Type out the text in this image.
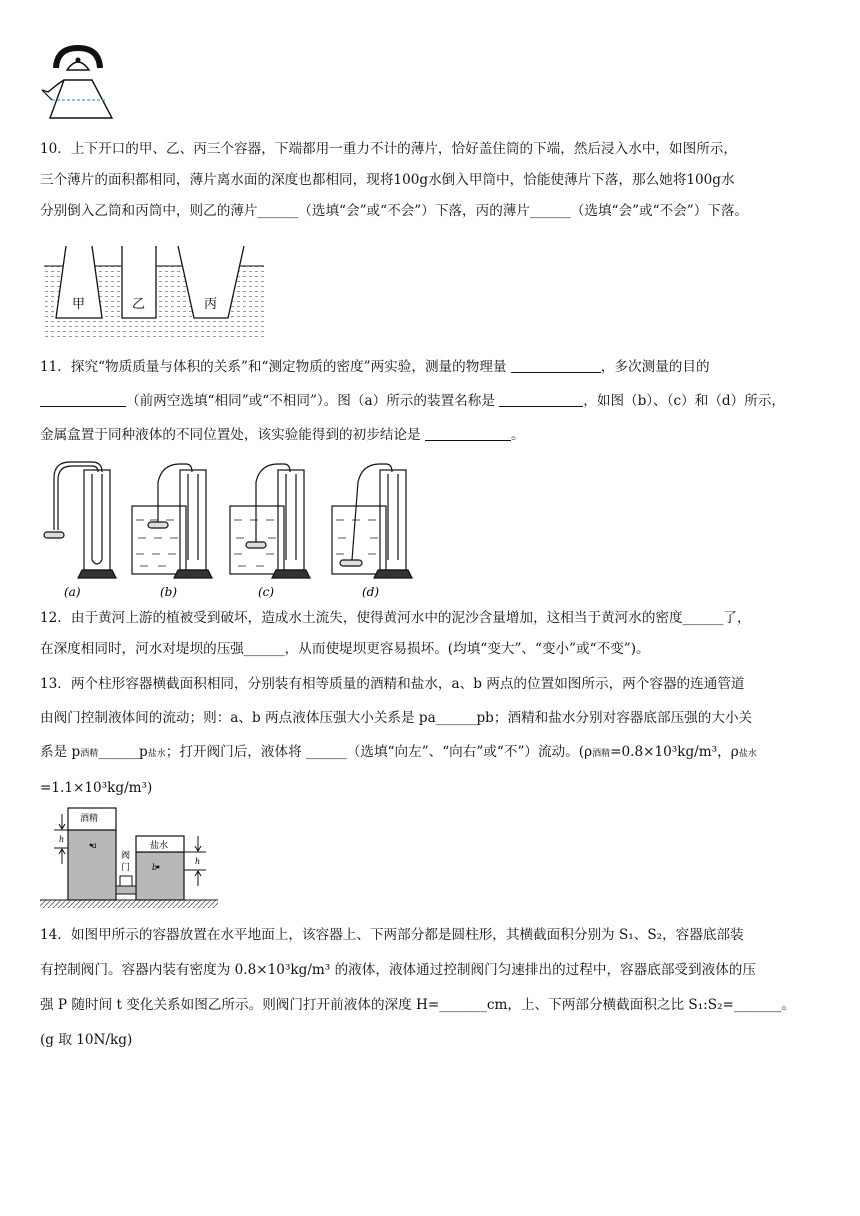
10．上下开口的甲、乙、丙三个容器，下端都用一重力不计的薄片，恰好盖住筒的下端，然后浸入水中，如图所示，
三个薄片的面积都相同，薄片离水面的深度也都相同，现将100g水倒入甲筒中，恰能使薄片下落，那么她将100g水
分别倒入乙筒和丙筒中，则乙的薄片______（选填“会”或“不会”）下落，丙的薄片______（选填“会”或“不会”）下落。
甲	乙	丙
11．探究“物质质量与体积的关系”和“测定物质的密度”两实验，测量的物理量	，多次测量的目的
（前两空选填“相同”或“不相同”）。图（a）所示的装置名称是	，如图（b）、（c）和（d）所示，
金属盒置于同种液体的不同位置处，该实验能得到的初步结论是	。
(a)	(b)	(c)	(d)
12．由于黄河上游的植被受到破坏，造成水土流失，使得黄河水中的泥沙含量增加，这相当于黄河水的密度______了，
在深度相同时，河水对堤坝的压强______，从而使堤坝更容易损坏。(均填“变大”、“变小”或“不变”)。
13．两个柱形容器横截面积相同，分别装有相等质量的酒精和盐水，a、b 两点的位置如图所示，两个容器的连通管道
由阀门控制液体间的流动；则：a、b 两点液体压强大小关系是 pa______pb；酒精和盐水分别对容器底部压强的大小关
系是 p酒精______p盐水；打开阀门后，液体将 ______（选填“向左”、“向右”或“不”）流动。(ρ酒精=0.8×10³kg/m³，ρ盐水
=1.1×10³kg/m³)
酒精
a	盐水
b
阀
门
h
h
14．如图甲所示的容器放置在水平地面上，该容器上、下两部分都是圆柱形，其横截面积分别为 S₁、S₂，容器底部装
有控制阀门。容器内装有密度为 0.8×10³kg/m³ 的液体，液体通过控制阀门匀速排出的过程中，容器底部受到液体的压
强 P 随时间 t 变化关系如图乙所示。则阀门打开前液体的深度 H=_______cm，上、下两部分横截面积之比 S₁:S₂=_______。
(g 取 10N/kg)
